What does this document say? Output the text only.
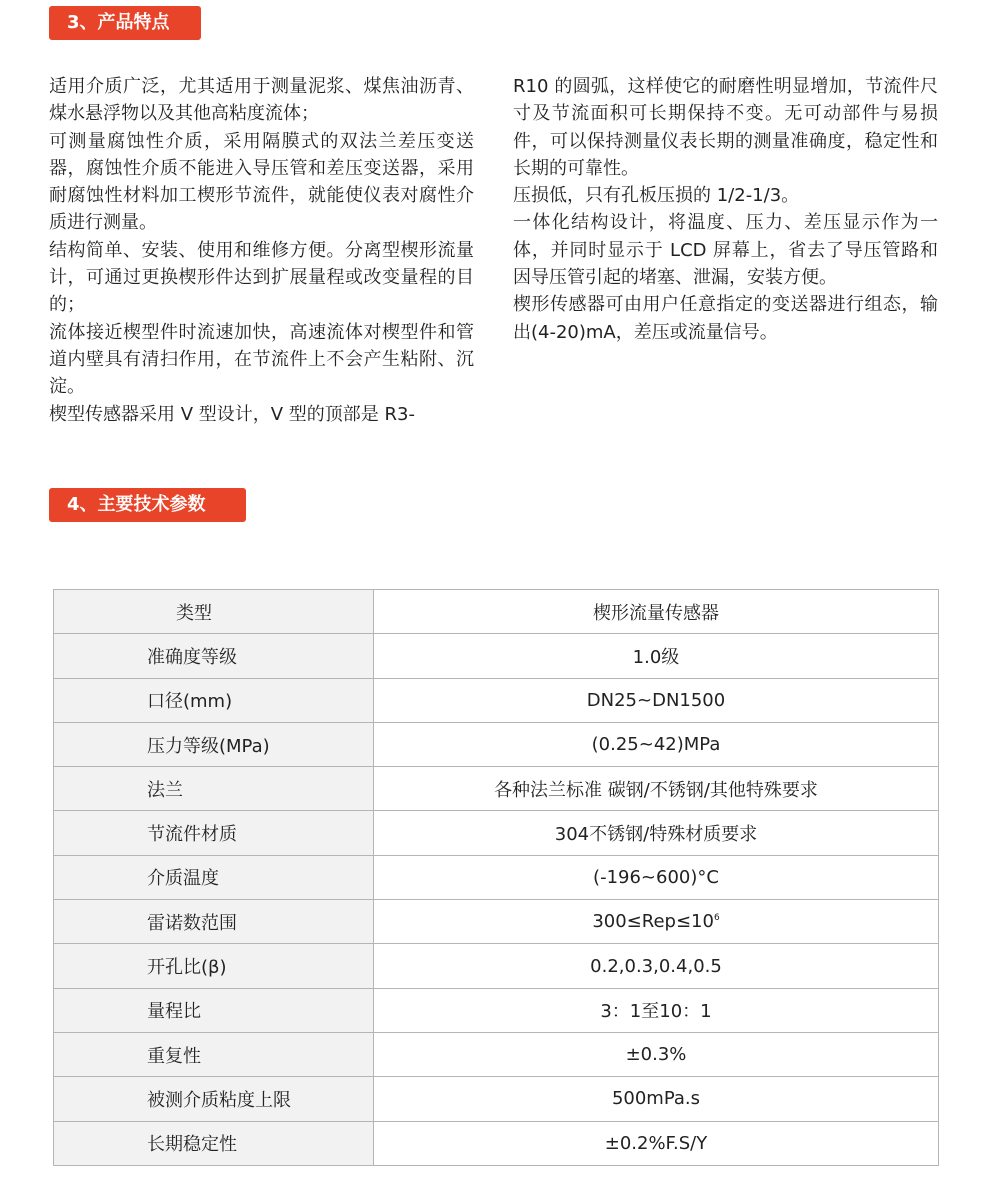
3、产品特点

适用介质广泛，尤其适用于测量泥浆、煤焦油沥青、煤水悬浮物以及其他高粘度流体；

可测量腐蚀性介质，采用隔膜式的双法兰差压变送器，腐蚀性介质不能进入导压管和差压变送器，采用耐腐蚀性材料加工楔形节流件，就能使仪表对腐性介质进行测量。

结构简单、安装、使用和维修方便。分离型楔形流量计，可通过更换楔形件达到扩展量程或改变量程的目的；

流体接近楔型件时流速加快，高速流体对楔型件和管道内壁具有清扫作用，在节流件上不会产生粘附、沉淀。

楔型传感器采用 V 型设计，V 型的顶部是 R3-

R10 的圆弧，这样使它的耐磨性明显增加，节流件尺寸及节流面积可长期保持不变。无可动部件与易损件，可以保持测量仪表长期的测量准确度，稳定性和长期的可靠性。

压损低，只有孔板压损的 1/2-1/3。

一体化结构设计，将温度、压力、差压显示作为一体，并同时显示于 LCD 屏幕上，省去了导压管路和因导压管引起的堵塞、泄漏，安装方便。

楔形传感器可由用户任意指定的变送器进行组态，输出(4-20)mA，差压或流量信号。

4、主要技术参数
类型	楔形流量传感器
准确度等级	1.0级
口径(mm)	DN25~DN1500
压力等级(MPa)	(0.25~42)MPa
法兰	各种法兰标准 碳钢/不锈钢/其他特殊要求
节流件材质	304不锈钢/特殊材质要求
介质温度	(-196~600)°C
雷诺数范围	$300\le Rep\le 10^6$
开孔比(β)	0.2,0.3,0.4,0.5
量程比	3：1至10：1
重复性	±0.3%
被测介质粘度上限	500mPa.s
长期稳定性	±0.2%F.S/Y
